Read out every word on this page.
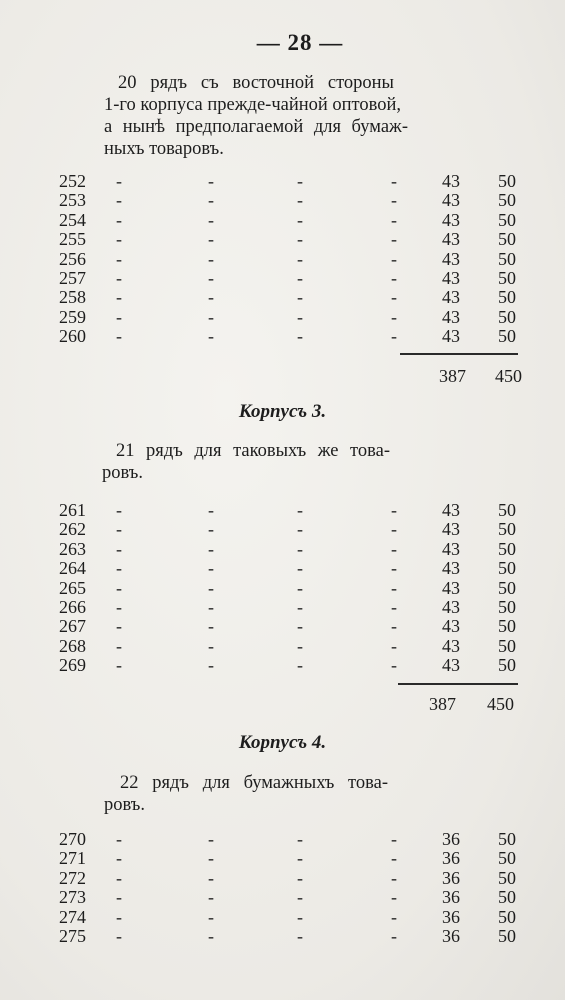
— 28 —
20 рядъ съ восточной стороны
1-го корпуса прежде-чайной оптовой,
а нынѣ предполагаемой для бумаж-
ныхъ товаровъ.
252 -	-	-	-	43	50
253 -	-	-	-	43	50
254 -	-	-	-	43	50
255 -	-	-	-	43	50
256 -	-	-	-	43	50
257 -	-	-	-	43	50
258 -	-	-	-	43	50
259 -	-	-	-	43	50
260 -	-	-	-	43	50
387	450
Корпусъ 3.
21 рядъ для таковыхъ же това-
ровъ.
261 -	-	-	-	43	50
262 -	-	-	-	43	50
263 -	-	-	-	43	50
264 -	-	-	-	43	50
265 -	-	-	-	43	50
266 -	-	-	-	43	50
267 -	-	-	-	43	50
268 -	-	-	-	43	50
269 -	-	-	-	43	50
387	450
Корпусъ 4.
22 рядъ для бумажныхъ това-
ровъ.
270 -	-	-	-	36	50
271 -	-	-	-	36	50
272 -	-	-	-	36	50
273 -	-	-	-	36	50
274 -	-	-	-	36	50
275 -	-	-	-	36	50
